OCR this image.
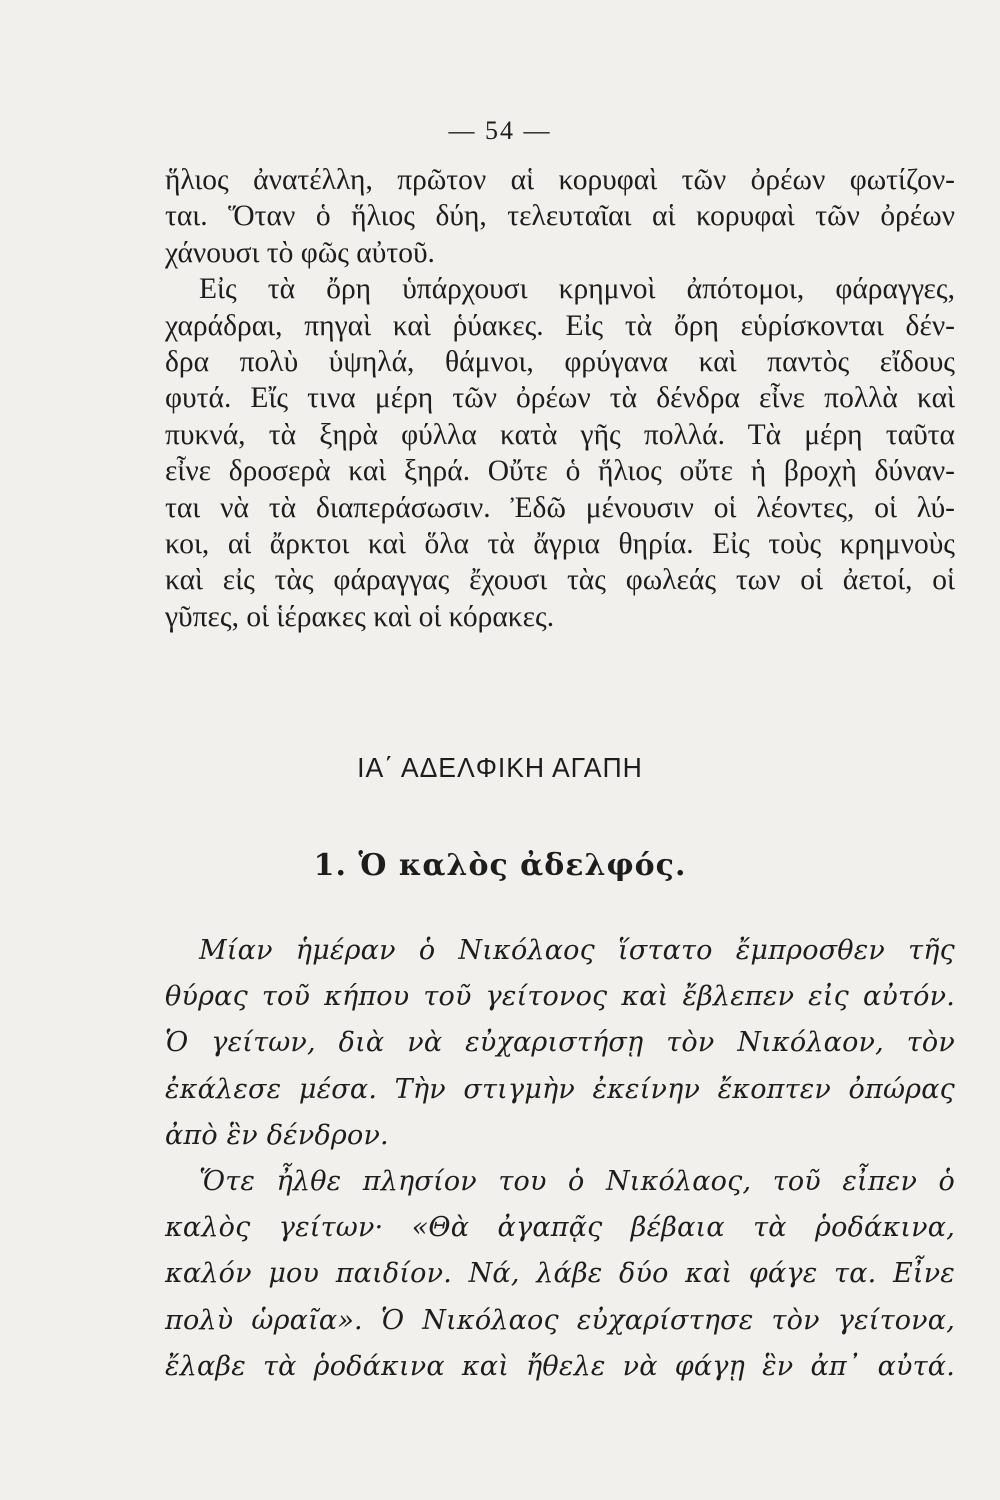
— 54 —
ἥλιος ἀνατέλλη, πρῶτον αἱ κορυφαὶ τῶν ὀρέων φωτίζον-
ται. Ὅταν ὁ ἥλιος δύη, τελευταῖαι αἱ κορυφαὶ τῶν ὀρέων
χάνουσι τὸ φῶς αὐτοῦ.
Εἰς τὰ ὄρη ὑπάρχουσι κρημνοὶ ἀπότομοι, φάραγγες,
χαράδραι, πηγαὶ καὶ ῥύακες. Εἰς τὰ ὄρη εὑρίσκονται δέν-
δρα πολὺ ὑψηλά, θάμνοι, φρύγανα καὶ παντὸς εἴδους
φυτά. Εἴς τινα μέρη τῶν ὀρέων τὰ δένδρα εἶνε πολλὰ καὶ
πυκνά, τὰ ξηρὰ φύλλα κατὰ γῆς πολλά. Τὰ μέρη ταῦτα
εἶνε δροσερὰ καὶ ξηρά. Οὔτε ὁ ἥλιος οὔτε ἡ βροχὴ δύναν-
ται νὰ τὰ διαπεράσωσιν. Ἐδῶ μένουσιν οἱ λέοντες, οἱ λύ-
κοι, αἱ ἄρκτοι καὶ ὅλα τὰ ἄγρια θηρία. Εἰς τοὺς κρημνοὺς
καὶ εἰς τὰς φάραγγας ἔχουσι τὰς φωλεάς των οἱ ἀετοί, οἱ
γῦπες, οἱ ἱέρακες καὶ οἱ κόρακες.
ΙΑ΄ ΑΔΕΛΦΙΚΗ ΑΓΑΠΗ
1. Ὁ καλὸς ἀδελφός.
Μίαν ἡμέραν ὁ Νικόλαος ἵστατο ἔμπροσθεν τῆς
θύρας τοῦ κήπου τοῦ γείτονος καὶ ἔβλεπεν εἰς αὐτόν.
Ὁ γείτων, διὰ νὰ εὐχαριστήσῃ τὸν Νικόλαον, τὸν
ἐκάλεσε μέσα. Τὴν στιγμὴν ἐκείνην ἔκοπτεν ὀπώρας
ἀπὸ ἓν δένδρον.
Ὅτε ἦλθε πλησίον του ὁ Νικόλαος, τοῦ εἶπεν ὁ
καλὸς γείτων· «Θὰ ἀγαπᾷς βέβαια τὰ ῥοδάκινα,
καλόν μου παιδίον. Νά, λάβε δύο καὶ φάγε τα. Εἶνε
πολὺ ὡραῖα». Ὁ Νικόλαος εὐχαρίστησε τὸν γείτονα,
ἔλαβε τὰ ῥοδάκινα καὶ ἤθελε νὰ φάγῃ ἓν ἀπ᾽ αὐτά.
